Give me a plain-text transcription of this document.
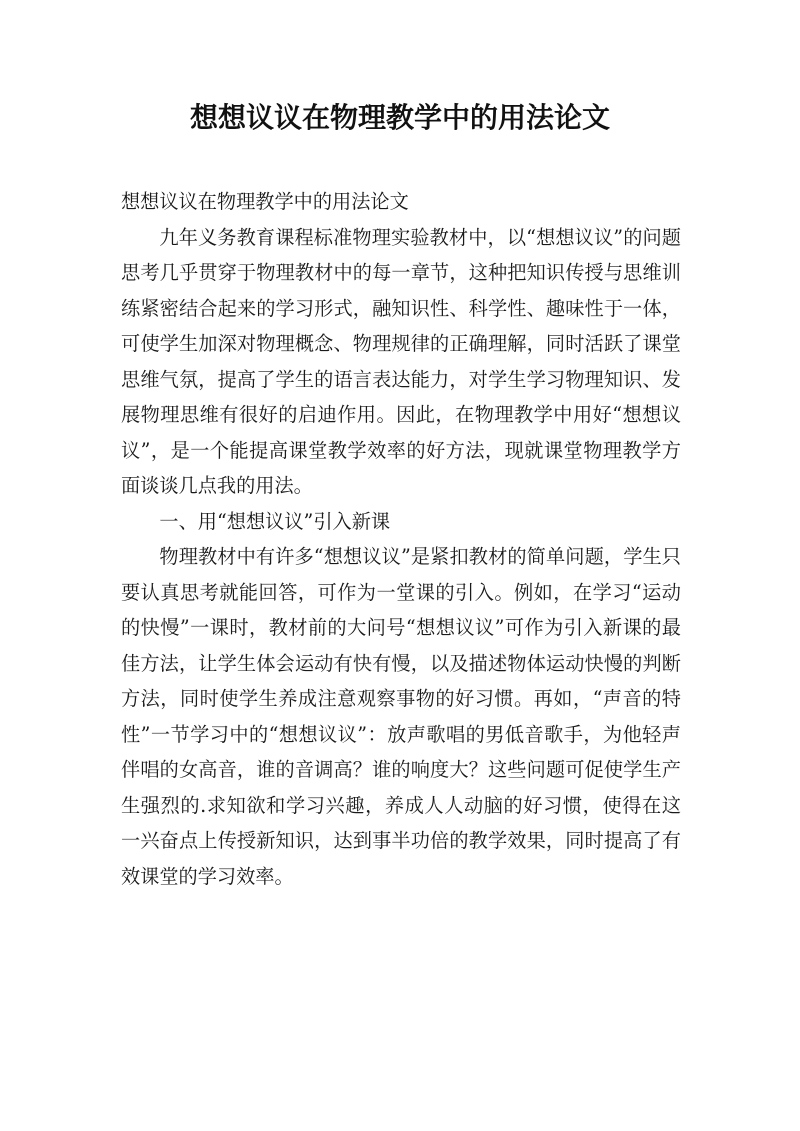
想想议议在物理教学中的用法论文

想想议议在物理教学中的用法论文

九年义务教育课程标准物理实验教材中，以“想想议议”的问题思考几乎贯穿于物理教材中的每一章节，这种把知识传授与思维训练紧密结合起来的学习形式，融知识性、科学性、趣味性于一体，可使学生加深对物理概念、物理规律的正确理解，同时活跃了课堂思维气氛，提高了学生的语言表达能力，对学生学习物理知识、发展物理思维有很好的启迪作用。因此，在物理教学中用好“想想议议”，是一个能提高课堂教学效率的好方法，现就课堂物理教学方面谈谈几点我的用法。

一、用“想想议议”引入新课

物理教材中有许多“想想议议”是紧扣教材的简单问题，学生只要认真思考就能回答，可作为一堂课的引入。例如，在学习“运动的快慢”一课时，教材前的大问号“想想议议”可作为引入新课的最佳方法，让学生体会运动有快有慢，以及描述物体运动快慢的判断方法，同时使学生养成注意观察事物的好习惯。再如，“声音的特性”一节学习中的“想想议议”：放声歌唱的男低音歌手，为他轻声伴唱的女高音，谁的音调高？谁的响度大？这些问题可促使学生产生强烈的.求知欲和学习兴趣，养成人人动脑的好习惯，使得在这一兴奋点上传授新知识，达到事半功倍的教学效果，同时提高了有效课堂的学习效率。
